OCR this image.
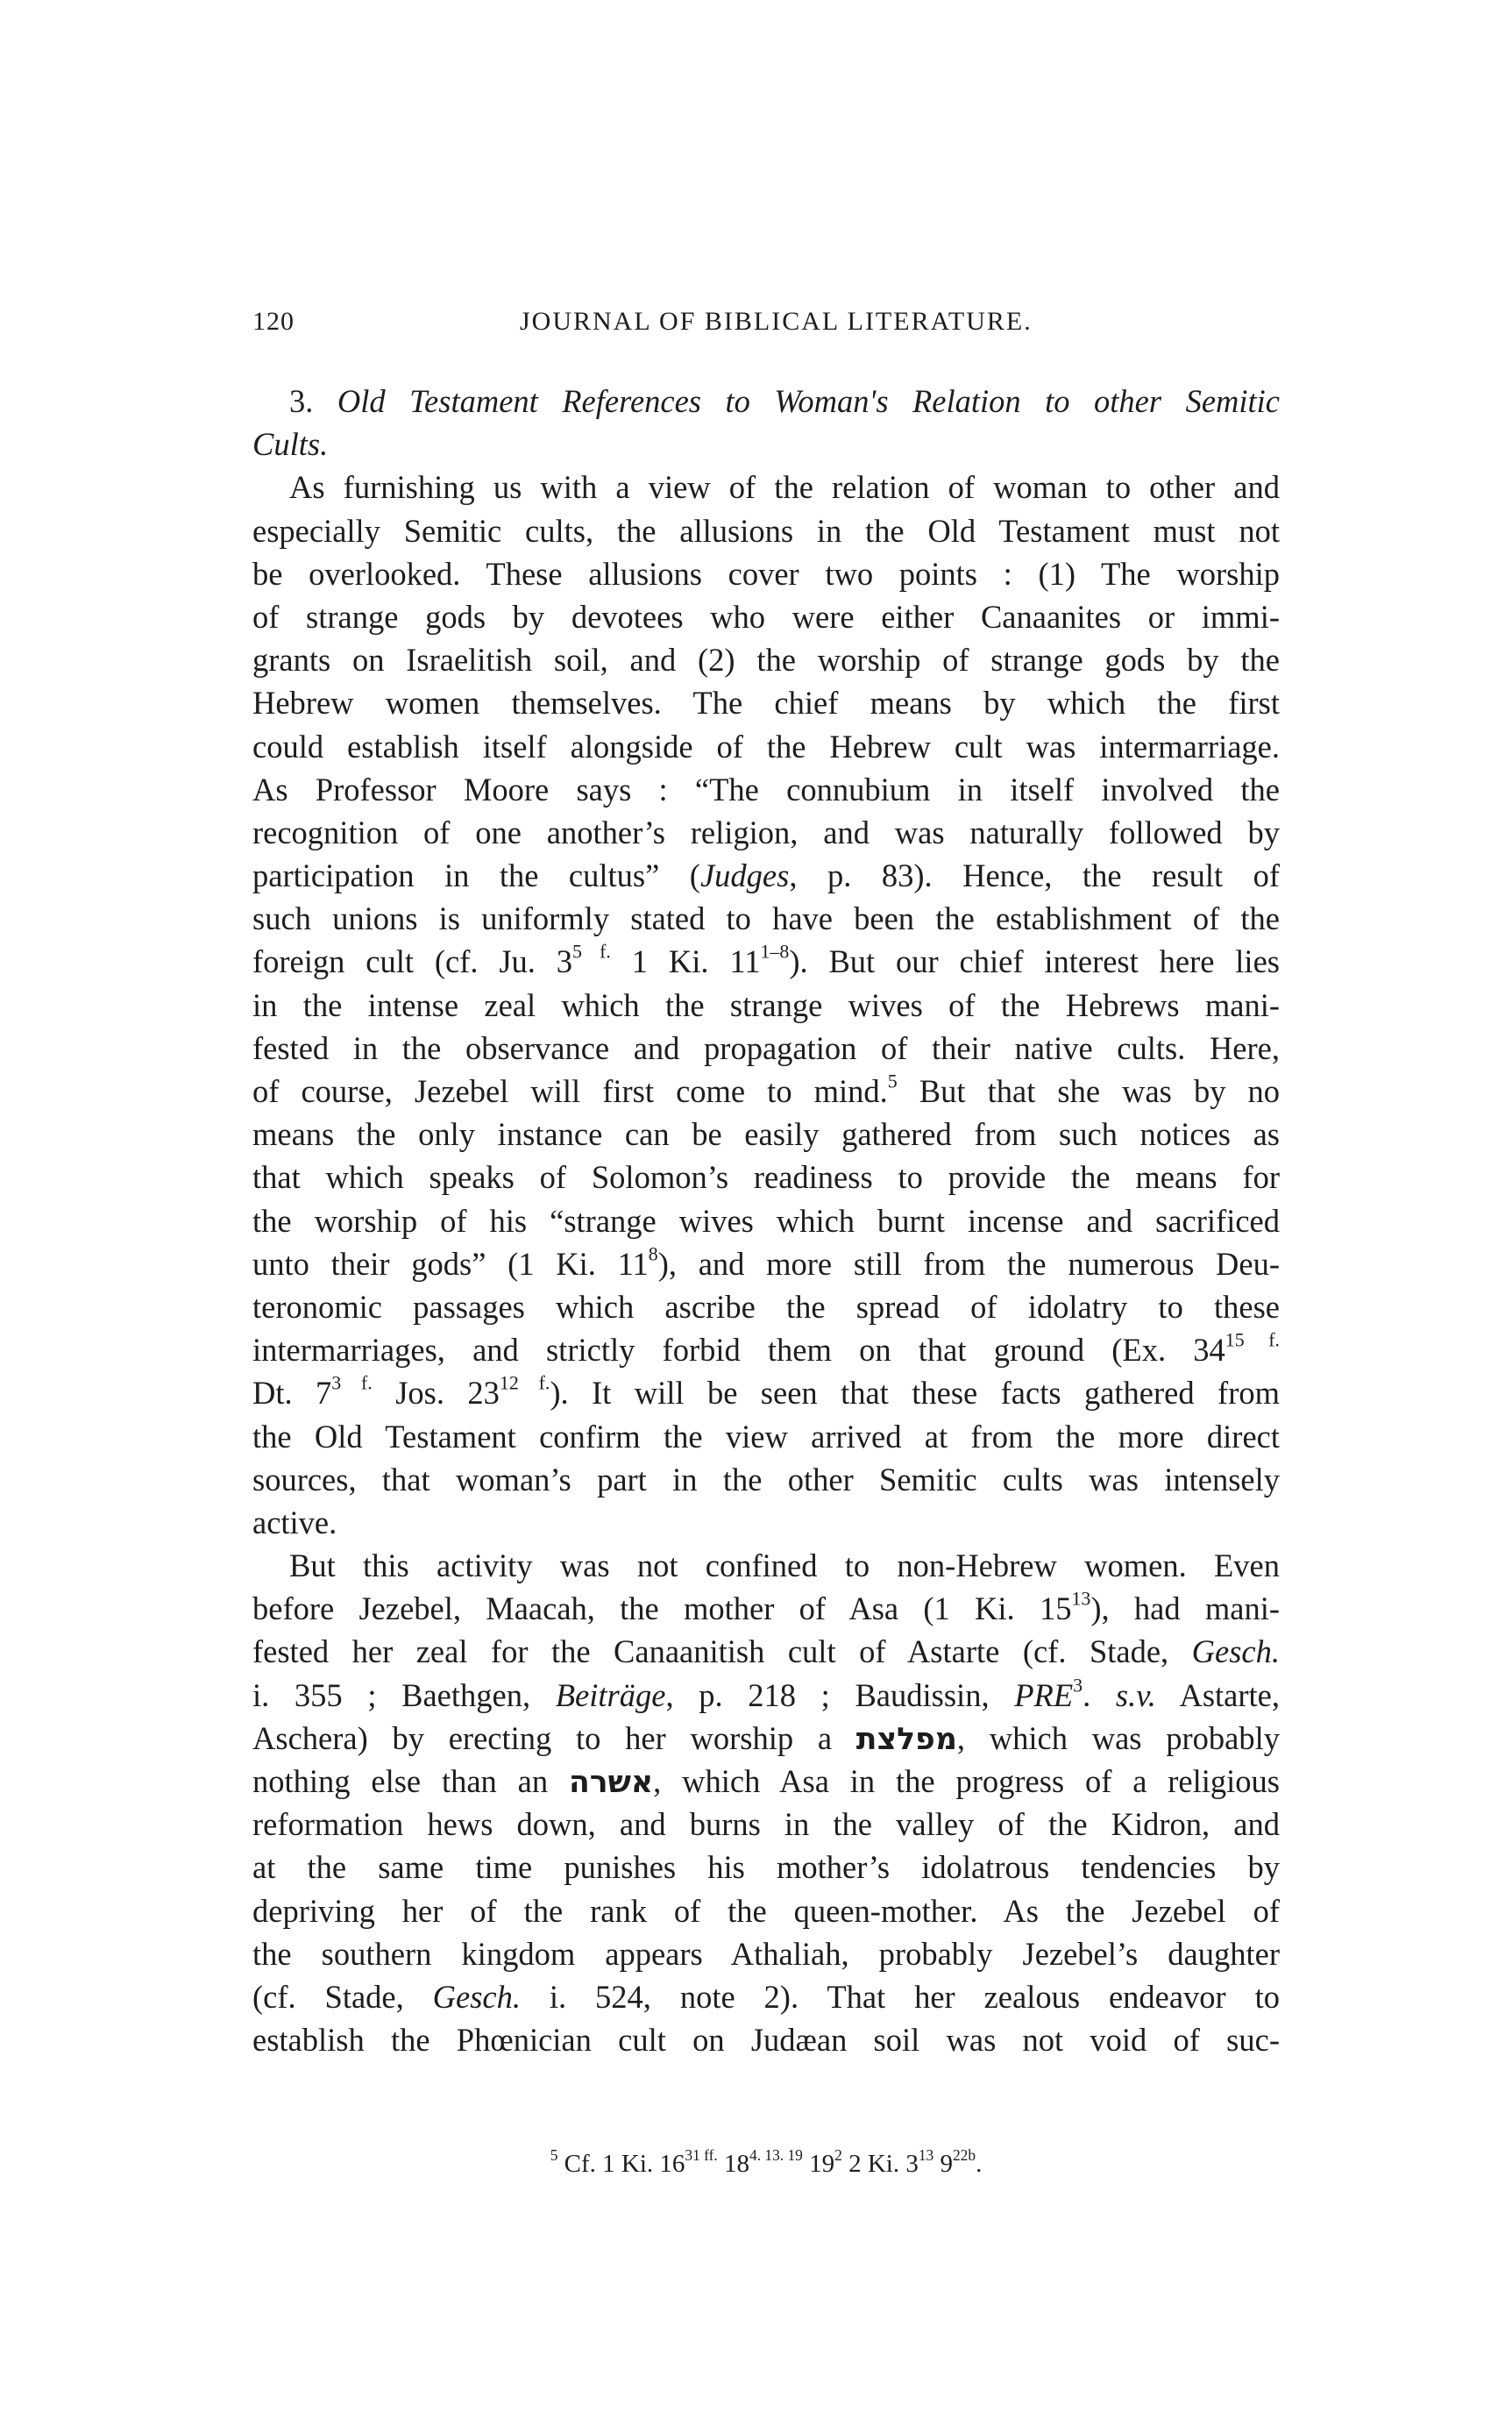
120	JOURNAL OF BIBLICAL LITERATURE.
3. Old Testament References to Woman's Relation to other Semitic
Cults.
As furnishing us with a view of the relation of woman to other and
especially Semitic cults, the allusions in the Old Testament must not
be overlooked. These allusions cover two points : (1) The worship
of strange gods by devotees who were either Canaanites or immi-
grants on Israelitish soil, and (2) the worship of strange gods by the
Hebrew women themselves. The chief means by which the first
could establish itself alongside of the Hebrew cult was intermarriage.
As Professor Moore says : “The connubium in itself involved the
recognition of one another’s religion, and was naturally followed by
participation in the cultus” (Judges, p. 83). Hence, the result of
such unions is uniformly stated to have been the establishment of the
foreign cult (cf. Ju. $3^{5 f.}$ 1 Ki. 11$^{1-8}$). But our chief interest here lies
in the intense zeal which the strange wives of the Hebrews mani-
fested in the observance and propagation of their native cults. Here,
of course, Jezebel will first come to mind.$^5$ But that she was by no
means the only instance can be easily gathered from such notices as
that which speaks of Solomon’s readiness to provide the means for
the worship of his “strange wives which burnt incense and sacrificed
unto their gods” (1 Ki. $11^8$), and more still from the numerous Deu-
teronomic passages which ascribe the spread of idolatry to these
intermarriages, and strictly forbid them on that ground (Ex. $34^{15 f.}$
Dt. $7^{3 f.}$ Jos. $23^{12 f.}$). It will be seen that these facts gathered from
the Old Testament confirm the view arrived at from the more direct
sources, that woman’s part in the other Semitic cults was intensely
active.
But this activity was not confined to non-Hebrew women. Even
before Jezebel, Maacah, the mother of Asa (1 Ki. $15^{13}$), had mani-
fested her zeal for the Canaanitish cult of Astarte (cf. Stade, Gesch.
i. 355 ; Baethgen, Beiträge, p. 218 ; Baudissin, PRE$^3$. s.v. Astarte,
Aschera) by erecting to her worship a מפלצת, which was probably
nothing else than an אשרה, which Asa in the progress of a religious
reformation hews down, and burns in the valley of the Kidron, and
at the same time punishes his mother’s idolatrous tendencies by
depriving her of the rank of the queen-mother. As the Jezebel of
the southern kingdom appears Athaliah, probably Jezebel’s daughter
(cf. Stade, Gesch. i. 524, note 2). That her zealous endeavor to
establish the Phœnician cult on Judæan soil was not void of suc-
$^5$ Cf. 1 Ki. $16^{31 ff.}$ $18^{4. 13. 19}$ $19^2$ 2 Ki. $3^{13}$ $9^{22b}$.
